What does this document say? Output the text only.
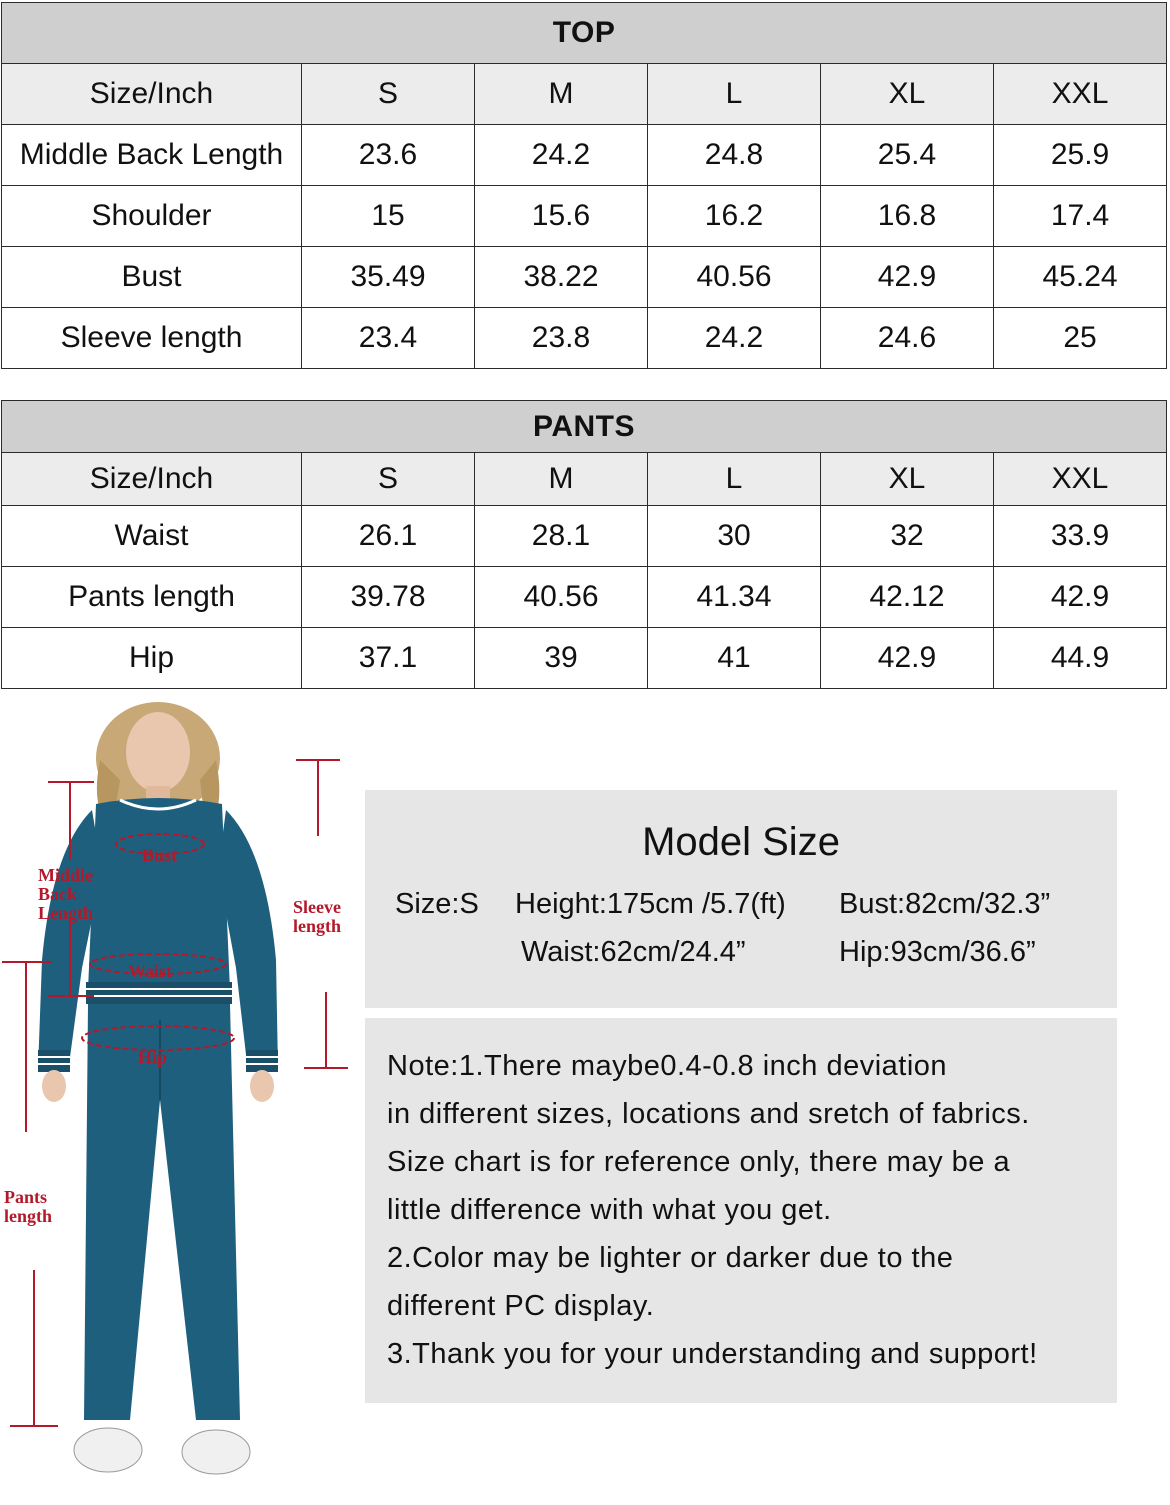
TOP					
Size/Inch	S	M	L	XL	XXL
Middle Back Length	23.6	24.2	24.8	25.4	25.9
Shoulder	15	15.6	16.2	16.8	17.4
Bust	35.49	38.22	40.56	42.9	45.24
Sleeve length	23.4	23.8	24.2	24.6	25
PANTS					
Size/Inch	S	M	L	XL	XXL
Waist	26.1	28.1	30	32	33.9
Pants length	39.78	40.56	41.34	42.12	42.9
Hip	37.1	39	41	42.9	44.9
Bust
Waist
Hip
Middle Back Length	Sleeve length
Pants length
Model Size
Size:S Height:175cm /5.7(ft) Bust:82cm/32.3”
Waist:62cm/24.4”	Hip:93cm/36.6”
Note:1.There maybe0.4-0.8 inch deviation
in different sizes, locations and sretch of fabrics.
Size chart is for reference only, there may be a
little difference with what you get.
2.Color may be lighter or darker due to the
different PC display.
3.Thank you for your understanding and support!
